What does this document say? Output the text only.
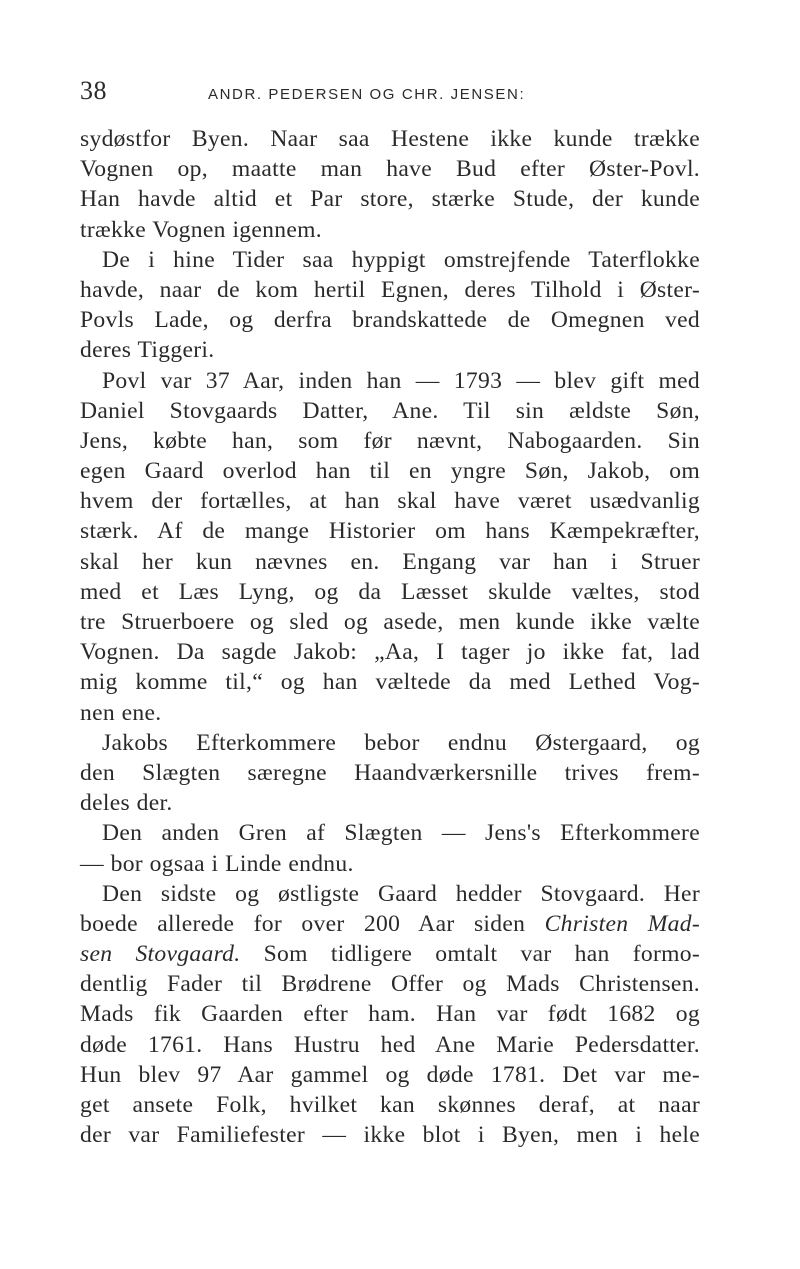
38	ANDR. PEDERSEN OG CHR. JENSEN:
sydøstfor Byen. Naar saa Hestene ikke kunde trække
Vognen op, maatte man have Bud efter Øster-Povl.
Han havde altid et Par store, stærke Stude, der kunde
trække Vognen igennem.
De i hine Tider saa hyppigt omstrejfende Taterflokke
havde, naar de kom hertil Egnen, deres Tilhold i Øster-
Povls Lade, og derfra brandskattede de Omegnen ved
deres Tiggeri.
Povl var 37 Aar, inden han — 1793 — blev gift med
Daniel Stovgaards Datter, Ane. Til sin ældste Søn,
Jens, købte han, som før nævnt, Nabogaarden. Sin
egen Gaard overlod han til en yngre Søn, Jakob, om
hvem der fortælles, at han skal have været usædvanlig
stærk. Af de mange Historier om hans Kæmpekræfter,
skal her kun nævnes en. Engang var han i Struer
med et Læs Lyng, og da Læsset skulde væltes, stod
tre Struerboere og sled og asede, men kunde ikke vælte
Vognen. Da sagde Jakob: „Aa, I tager jo ikke fat, lad
mig komme til,“ og han væltede da med Lethed Vog-
nen ene.
Jakobs Efterkommere bebor endnu Østergaard, og
den Slægten særegne Haandværkersnille trives frem-
deles der.
Den anden Gren af Slægten — Jens's Efterkommere
— bor ogsaa i Linde endnu.
Den sidste og østligste Gaard hedder Stovgaard. Her
boede allerede for over 200 Aar siden Christen Mad-
sen Stovgaard. Som tidligere omtalt var han formo-
dentlig Fader til Brødrene Offer og Mads Christensen.
Mads fik Gaarden efter ham. Han var født 1682 og
døde 1761. Hans Hustru hed Ane Marie Pedersdatter.
Hun blev 97 Aar gammel og døde 1781. Det var me-
get ansete Folk, hvilket kan skønnes deraf, at naar
der var Familiefester — ikke blot i Byen, men i hele
